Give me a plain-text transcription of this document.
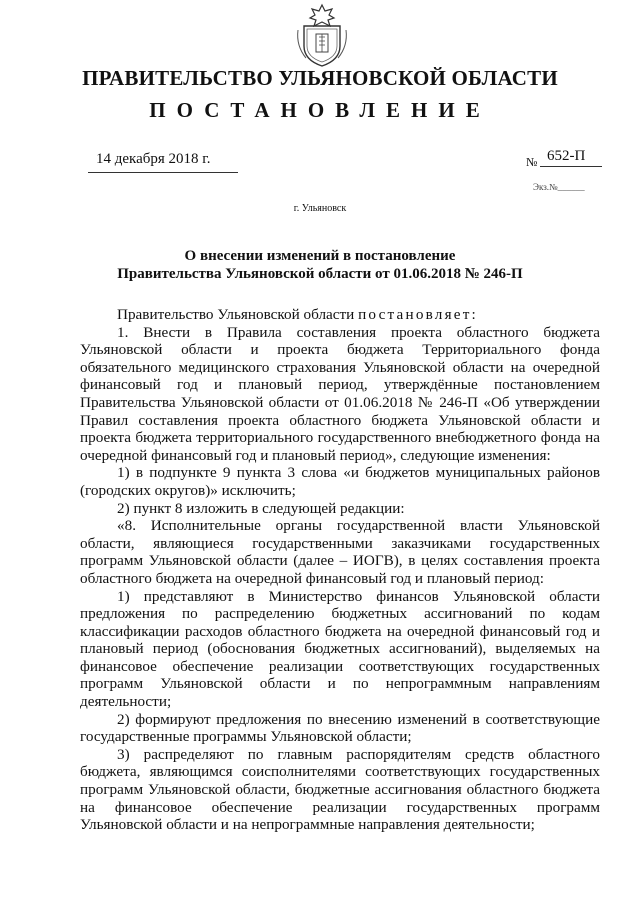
ПРАВИТЕЛЬСТВО УЛЬЯНОВСКОЙ ОБЛАСТИ
ПОСТАНОВЛЕНИЕ
14 декабря 2018 г.	№ 652-П
Экз.№______
г. Ульяновск
О внесении изменений в постановление
Правительства Ульяновской области от 01.06.2018 № 246-П

Правительство Ульяновской области постановляет:

1. Внести в Правила составления проекта областного бюджета Ульяновской области и проекта бюджета Территориального фонда обязательного медицинского страхования Ульяновской области на очередной финансовый год и плановый период, утверждённые постановлением Правительства Ульяновской области от 01.06.2018 № 246-П «Об утверждении Правил составления проекта областного бюджета Ульяновской области и проекта бюджета территориального государственного внебюджетного фонда на очередной финансовый год и плановый период», следующие изменения:

1) в подпункте 9 пункта 3 слова «и бюджетов муниципальных районов (городских округов)» исключить;

2) пункт 8 изложить в следующей редакции:

«8. Исполнительные органы государственной власти Ульяновской области, являющиеся государственными заказчиками государственных программ Ульяновской области (далее – ИОГВ), в целях составления проекта областного бюджета на очередной финансовый год и плановый период:

1) представляют в Министерство финансов Ульяновской области предложения по распределению бюджетных ассигнований по кодам классификации расходов областного бюджета на очередной финансовый год и плановый период (обоснования бюджетных ассигнований), выделяемых на финансовое обеспечение реализации соответствующих государственных программ Ульяновской области и по непрограммным направлениям деятельности;

2) формируют предложения по внесению изменений в соответствующие государственные программы Ульяновской области;

3) распределяют по главным распорядителям средств областного бюджета, являющимся соисполнителями соответствующих государственных программ Ульяновской области, бюджетные ассигнования областного бюджета на финансовое обеспечение реализации государственных программ Ульяновской области и на непрограммные направления деятельности;
